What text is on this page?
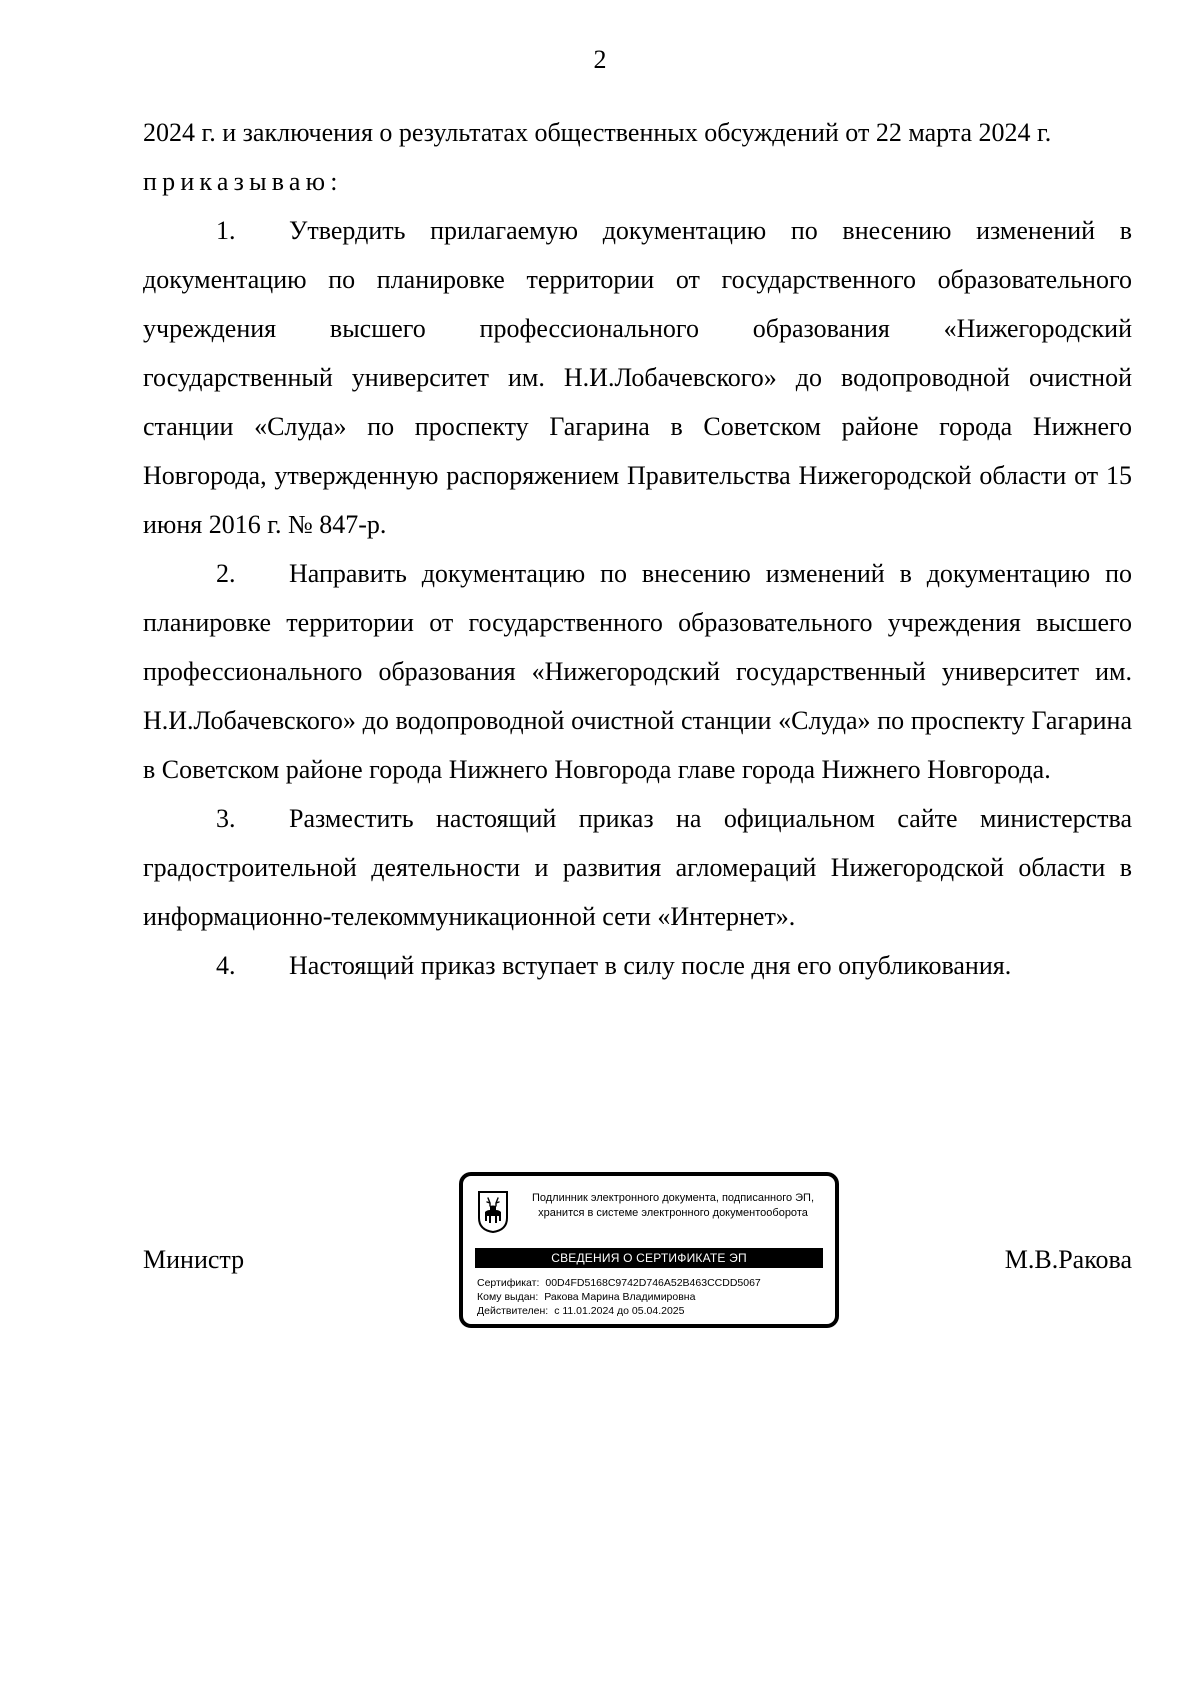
2

2024 г. и заключения о результатах общественных обсуждений от 22 марта 2024 г.

приказываю:

1. Утвердить прилагаемую документацию по внесению изменений в документацию по планировке территории от государственного образовательного учреждения высшего профессионального образования «Нижегородский государственный университет им. Н.И.Лобачевского» до водопроводной очистной станции «Слуда» по проспекту Гагарина в Советском районе города Нижнего Новгорода, утвержденную распоряжением Правительства Нижегородской области от 15 июня 2016 г. № 847-р.

2. Направить документацию по внесению изменений в документацию по планировке территории от государственного образовательного учреждения высшего профессионального образования «Нижегородский государственный университет им. Н.И.Лобачевского» до водопроводной очистной станции «Слуда» по проспекту Гагарина в Советском районе города Нижнего Новгорода главе города Нижнего Новгорода.

3. Разместить настоящий приказ на официальном сайте министерства градостроительной деятельности и развития агломераций Нижегородской области в информационно-телекоммуникационной сети «Интернет».

4. Настоящий приказ вступает в силу после дня его опубликования.

Министр
Подлинник электронного документа, подписанного ЭП,
хранится в системе электронного документооборота
СВЕДЕНИЯ О СЕРТИФИКАТЕ ЭП
Сертификат: 00D4FD5168C9742D746A52B463CCDD5067
Кому выдан: Ракова Марина Владимировна
Действителен: с 11.01.2024 до 05.04.2025
М.В.Ракова
